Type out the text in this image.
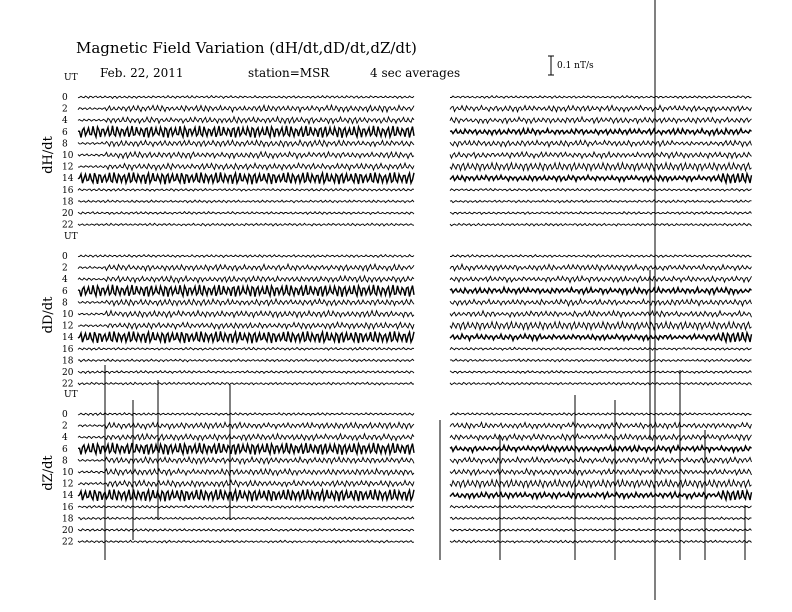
Magnetic Field Variation (dH/dt,dD/dt,dZ/dt)
Feb. 22, 2011	station=MSR	4 sec averages	0.1 nT/s
UT
dH/dt
0
2
4
6
8
10
12
14
16
18
20
22
UT
dD/dt
0
2
4
6
8
10
12
14
16
18
20
22
UT
dZ/dt
0
2
4
6
8
10
12
14
16
18
20
22
